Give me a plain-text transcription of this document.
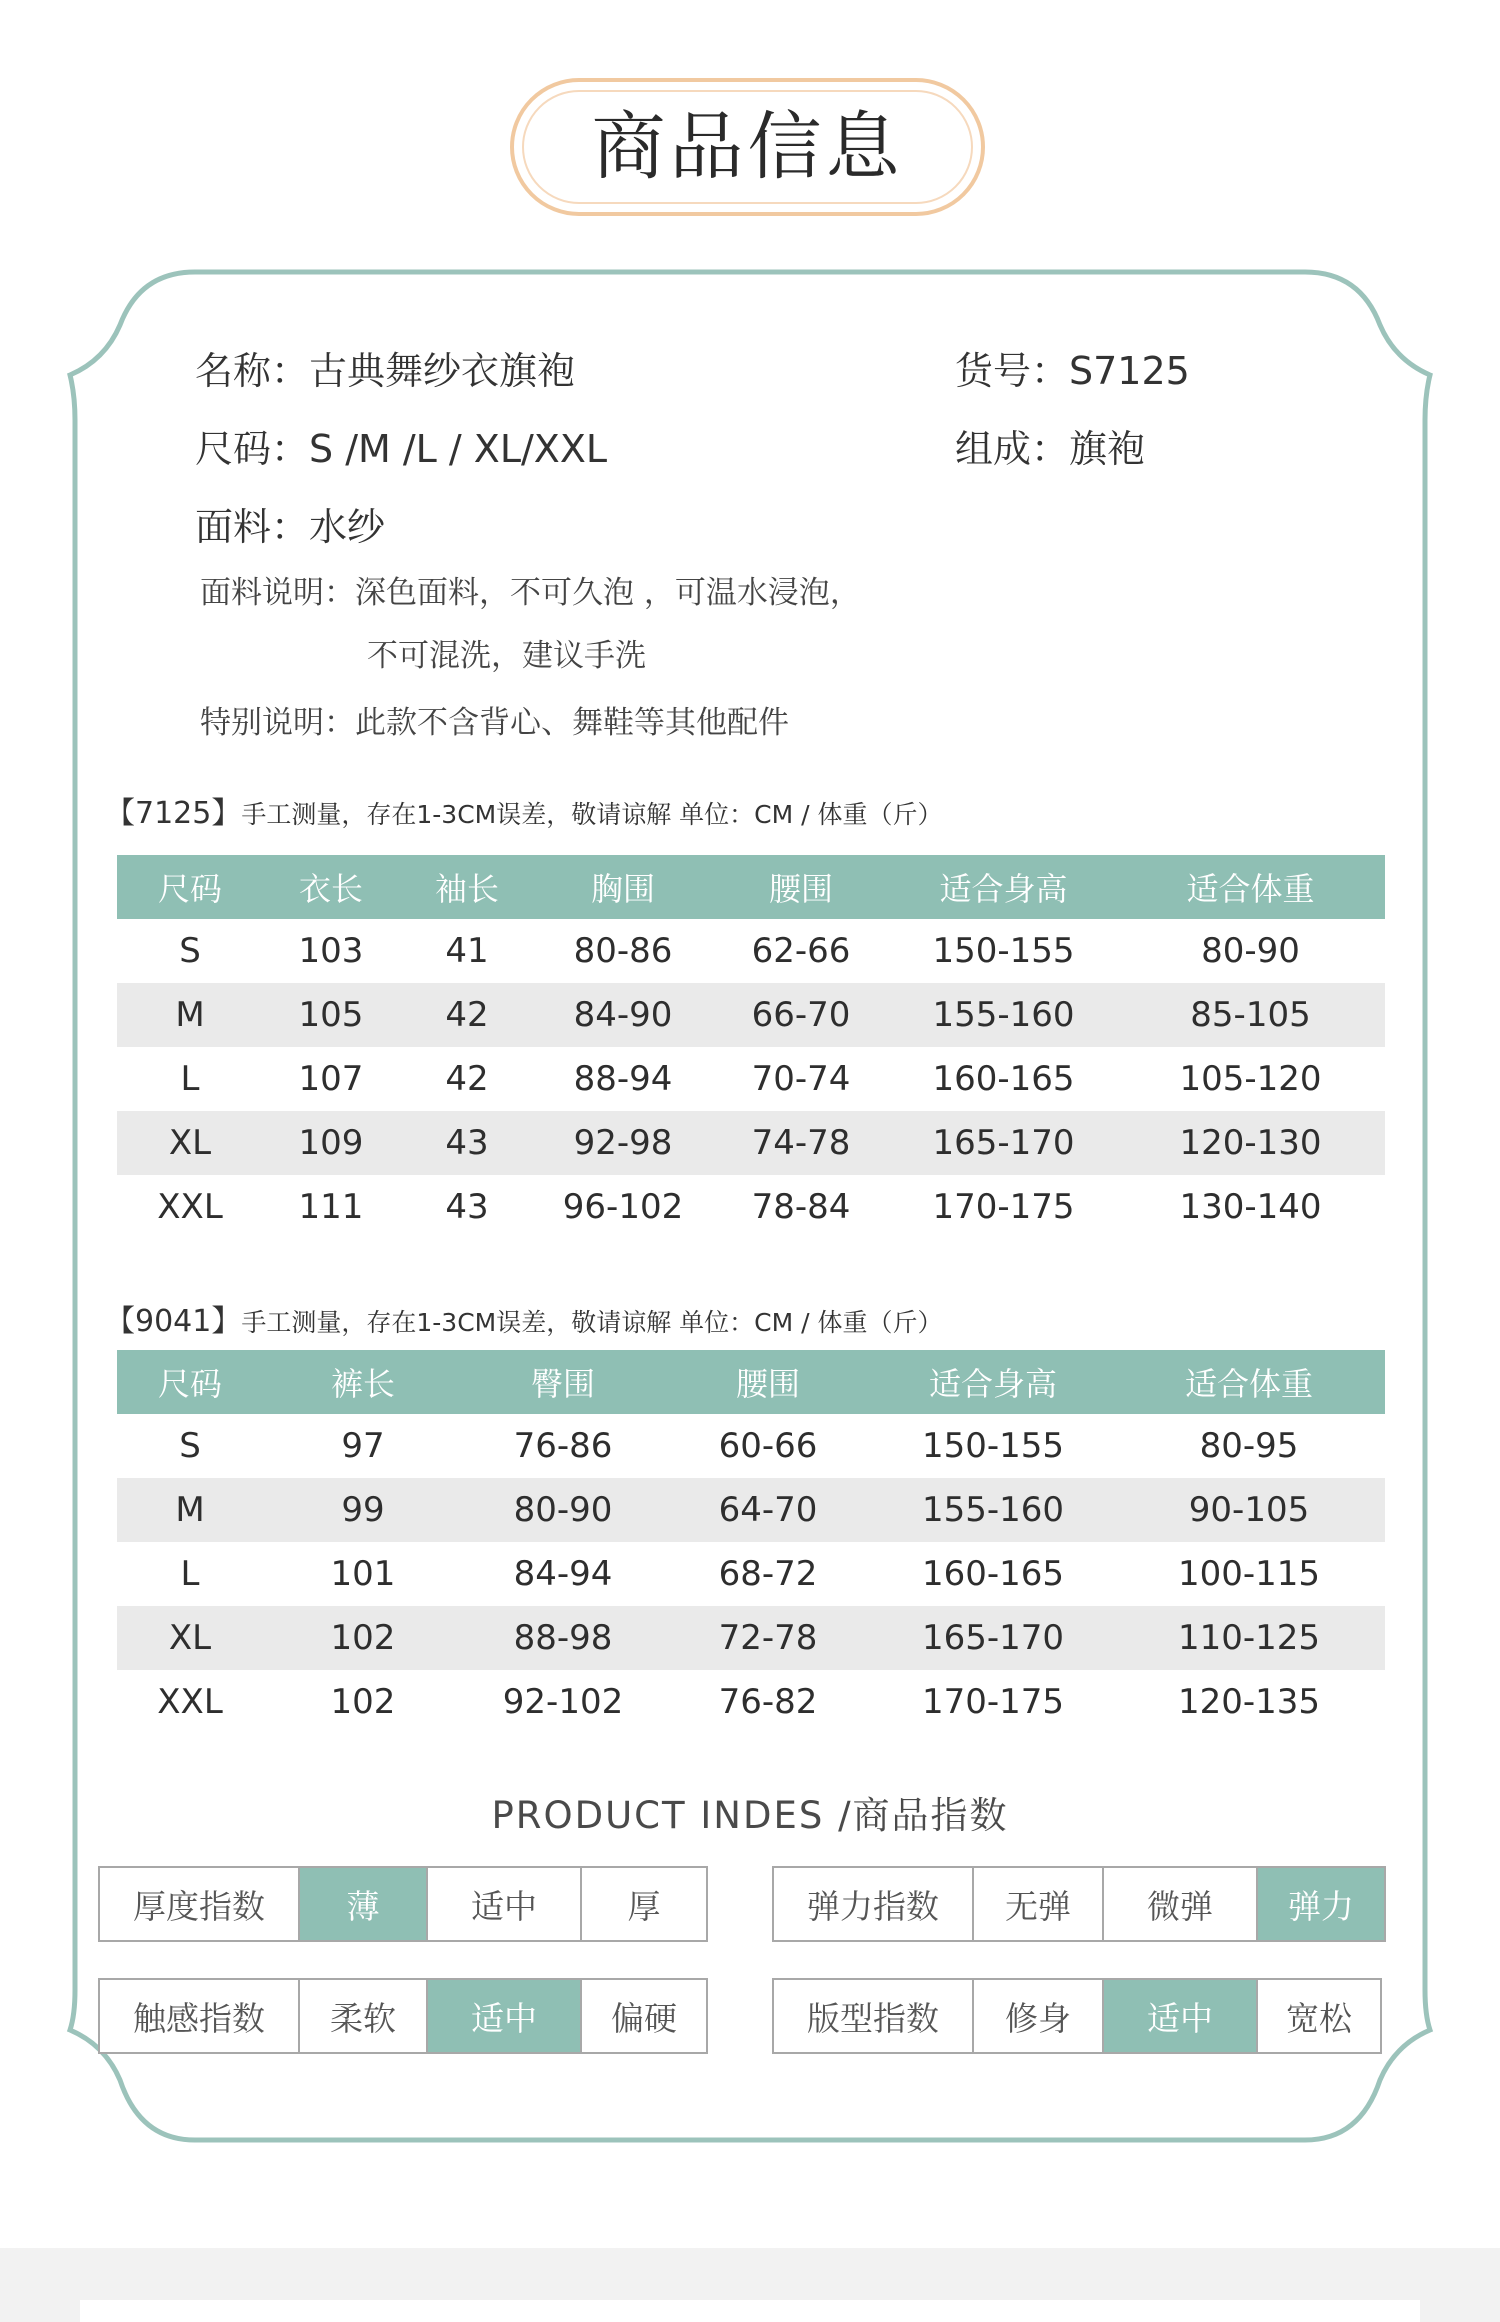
商品信息
名称：古典舞纱衣旗袍	货号：S7125
尺码：S /M /L / XL/XXL	组成：旗袍
面料：水纱
面料说明：深色面料，不可久泡 ，可温水浸泡，
不可混洗，建议手洗
特别说明：此款不含背心、舞鞋等其他配件
【7125】手工测量，存在1-3CM误差，敬请谅解 单位：CM / 体重（斤）
尺码	衣长	袖长	胸围	腰围	适合身高	适合体重
S	103	41	80-86	62-66	150-155	80-90
M	105	42	84-90	66-70	155-160	85-105
L	107	42	88-94	70-74	160-165	105-120
XL	109	43	92-98	74-78	165-170	120-130
XXL	111	43	96-102	78-84	170-175	130-140
【9041】手工测量，存在1-3CM误差，敬请谅解 单位：CM / 体重（斤）
尺码	裤长	臀围	腰围	适合身高	适合体重
S	97	76-86	60-66	150-155	80-95
M	99	80-90	64-70	155-160	90-105
L	101	84-94	68-72	160-165	100-115
XL	102	88-98	72-78	165-170	110-125
XXL	102	92-102	76-82	170-175	120-135
PRODUCT INDES /商品指数
厚度指数	薄	适中	厚	弹力指数	无弹	微弹	弹力
触感指数	柔软	适中	偏硬	版型指数	修身	适中	宽松
